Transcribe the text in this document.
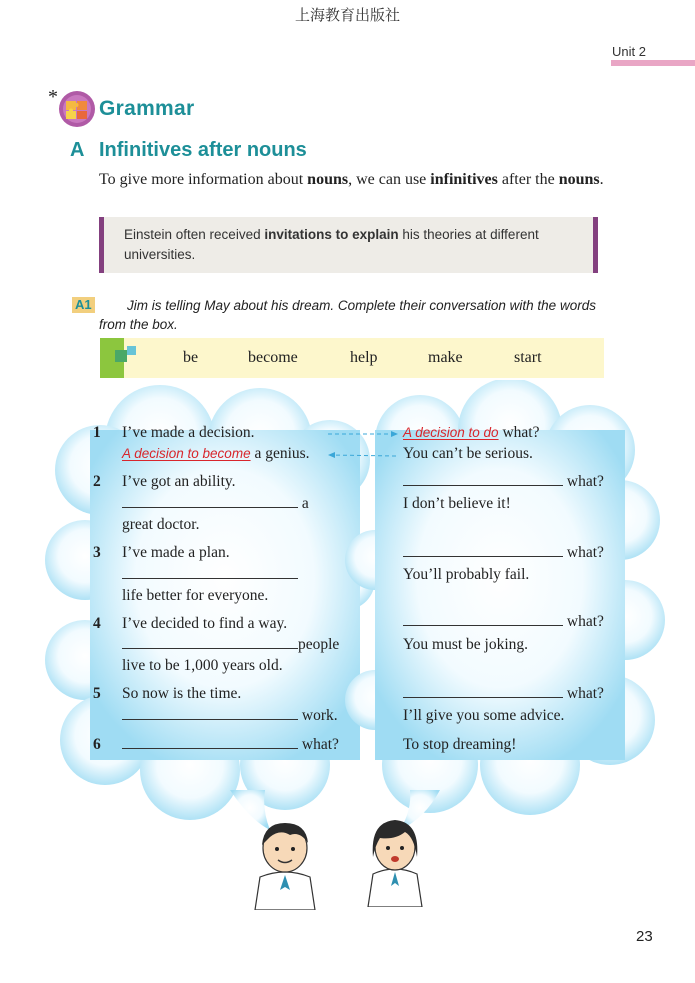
上海教育出版社
Unit 2
* Grammar
A Infinitives after nouns
To give more information about nouns, we can use infinitives after the nouns.
Einstein often received invitations to explain his theories at different universities.
A1	Jim is telling May about his dream. Complete their conversation with the words from the box.
be	become	help	make	start
1 I’ve made a decision.
A decision to become a genius.
2 I’ve got an ability.
a
great doctor.
3 I’ve made a plan.
life better for everyone.
4 I’ve decided to find a way.
people
live to be 1,000 years old.
5 So now is the time.
work.
6	what?
A decision to do what?
You can’t be serious.
what?
I don’t believe it!
what?
You’ll probably fail.
what?
You must be joking.
what?
I’ll give you some advice.
To stop dreaming!
23
